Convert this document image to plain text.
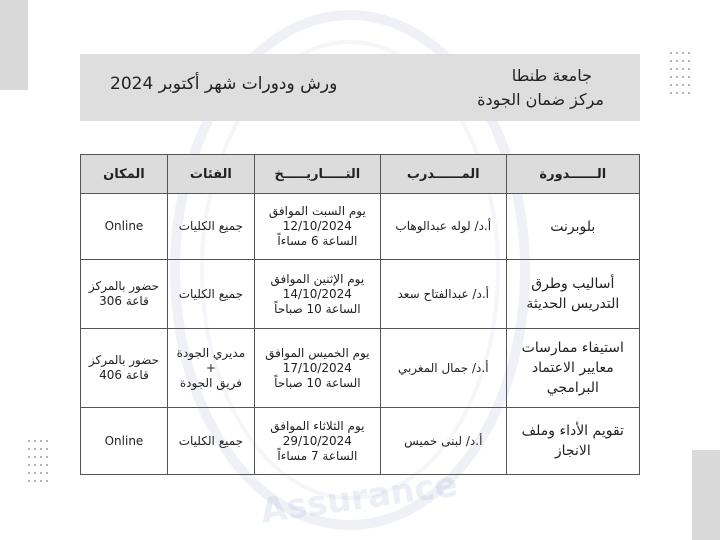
Assurance
جامعة طنطا
مركز ضمان الجودة
ورش ودورات شهر أكتوبر 2024
الــــــدورة	المــــــدرب	التـــــاريـــــخ	الفئات	المكان

بلوبرنت	أ.د/ لوله عبدالوهاب	يوم السبت الموافق
12/10/2024
الساعة 6 مساءاً	جميع الكليات	Online

أساليب وطرق
التدريس الحديثة	أ.د/ عبدالفتاح سعد	يوم الإثنين الموافق
14/10/2024
الساعة 10 صباحاً	جميع الكليات	حضور بالمركز
قاعة 306

استيفاء ممارسات
معايير الاعتماد
البرامجي	أ.د/ جمال المغربي	يوم الخميس الموافق
17/10/2024
الساعة 10 صباحاً	مديري الجودة
+
فريق الجودة	حضور بالمركز
قاعة 406

تقويم الأداء وملف
الانجاز	أ.د/ لبنى خميس	يوم الثلاثاء الموافق
29/10/2024
الساعة 7 مساءاً	جميع الكليات	Online
